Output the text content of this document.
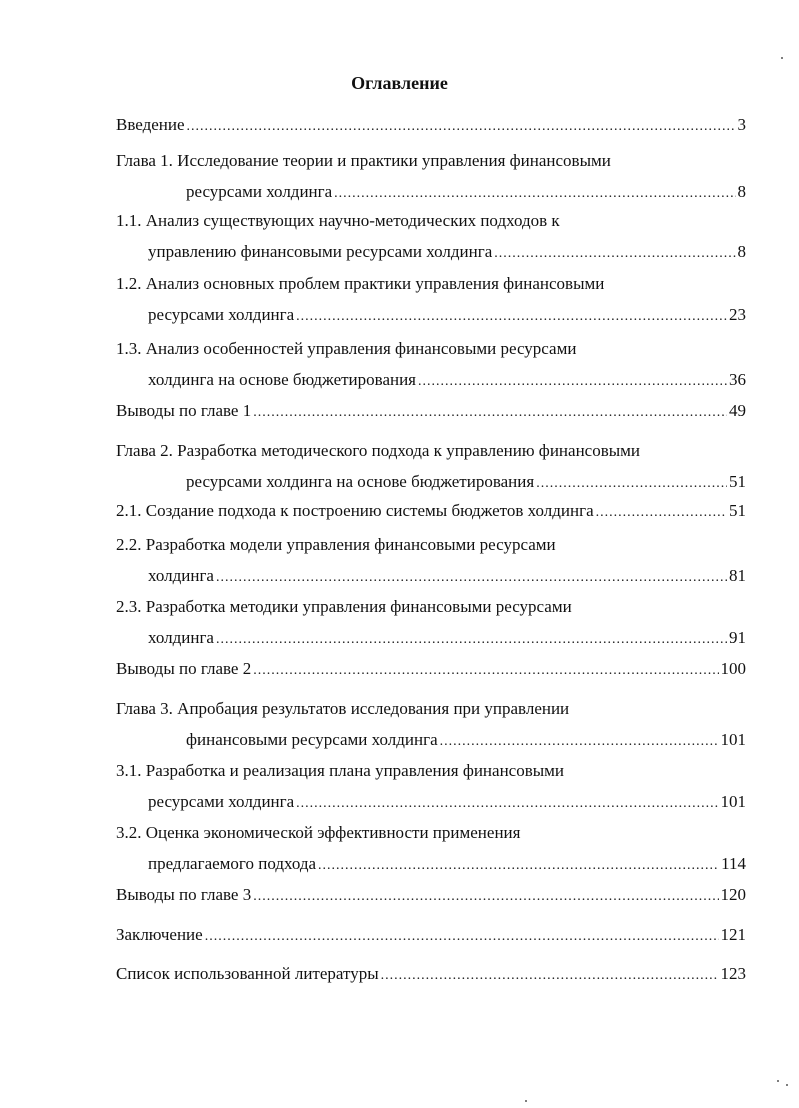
Оглавление
Введение .....	3
Глава 1. Исследование теории и практики управления финансовыми
ресурсами холдинга .....	8
1.1. Анализ существующих научно-методических подходов к
управлению финансовыми ресурсами холдинга .....	8
1.2. Анализ основных проблем практики управления финансовыми
ресурсами холдинга .....	23
1.3. Анализ особенностей управления финансовыми ресурсами
холдинга на основе бюджетирования .....	36
Выводы по главе 1 .....	49
Глава 2. Разработка методического подхода к управлению финансовыми
ресурсами холдинга на основе бюджетирования .....	51
2.1. Создание подхода к построению системы бюджетов холдинга .....	51
2.2. Разработка модели управления финансовыми ресурсами
холдинга .....	81
2.3. Разработка методики управления финансовыми ресурсами
холдинга .....	91
Выводы по главе 2 .....	100
Глава 3. Апробация результатов исследования при управлении
финансовыми ресурсами холдинга .....	101
3.1. Разработка и реализация плана управления финансовыми
ресурсами холдинга .....	101
3.2. Оценка экономической эффективности применения
предлагаемого подхода .....	114
Выводы по главе 3 .....	120
Заключение .....	121
Список использованной литературы .....	123
